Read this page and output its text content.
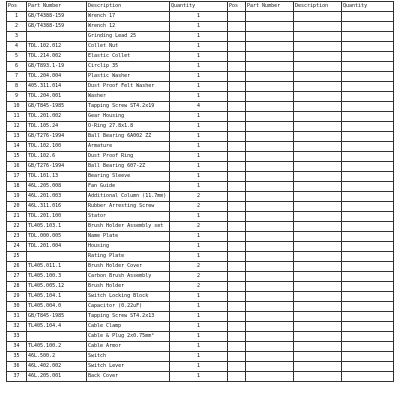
Pos	Part Number	Description	Quantity	Pos	Part Number	Description	Quantity
1	GB/T4388-159	Wrench 17	1				
2	GB/T4388-159	Wrench 12	1				
3		Grinding Lead 25	1				
4	TDL.102.012	Collet Nut	1				
5	TDL.214.002	Elastic Collet	1				
6	GB/T893.1-19	Circlip 35	1				
7	TDL.204.004	Plastic Washer	1				
8	405.311.014	Dust Proof Felt Washer	1				
9	TDL.204.001	Washer	1				
10	GB/T845-1985	Tapping Screw ST4.2x19	4				
11	TDL.201.002	Gear Housing	1				
12	TDL.105.24	O-Ring 27.8x1.8	1				
13	GB/T276-1994	Ball Bearing 6A002 ZZ	1				
14	TDL.102.100	Armature	1				
15	TDL.102.6	Dust Proof Ring	1				
16	GB/T276-1994	Ball Bearing 607-2Z	1				
17	TDL.101.13	Bearing Sleeve	1				
18	46L.205.008	Fan Guide	1				
19	46L.201.003	Additional Column (11.7mm)	2				
20	46L.311.016	Rubber Arresting Screw	2				
21	TDL.201.100	Stator	1				
22	TL405.103.1	Brush Holder Assembly set	2				
23	TDL.000.005	Name Plate	1				
24	TDL.201.004	Housing	1				
25		Rating Plate	1				
26	TL405.011.1	Brush Holder Cover	2				
27	TL405.100.3	Carbon Brush Assembly	2				
28	TL405.005.12	Brush Holder	2				
29	TL405.104.1	Switch Locking Block	1				
30	TL405.004.0	Capacitor (0.22uF)	1				
31	GB/T845-1985	Tapping Screw ST4.2x13	1				
32	TL405.104.4	Cable Clamp	1				
33		Cable & Plug 2x0.75mm²	1				
34	TL405.100.2	Cable Armor	1				
35	46L.500.2	Switch	1				
36	46L.402.002	Switch Lever	1				
37	46L.205.001	Back Cover	1				
